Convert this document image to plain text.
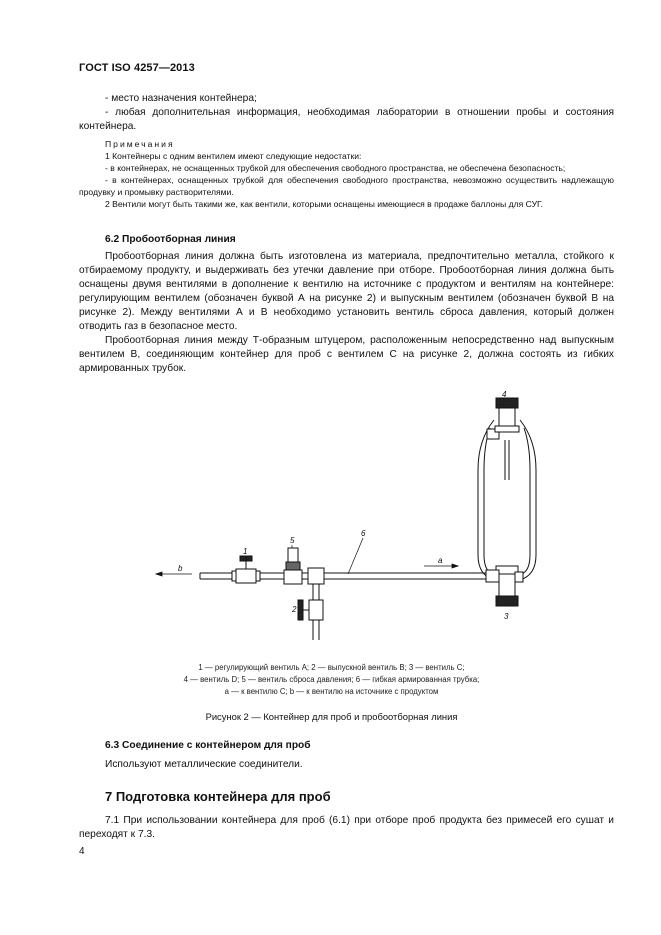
ГОСТ ISO 4257—2013

- место назначения контейнера;

- любая дополнительная информация, необходимая лаборатории в отношении пробы и состояния контейнера.

Примечания

1 Контейнеры с одним вентилем имеют следующие недостатки:

- в контейнерах, не оснащенных трубкой для обеспечения свободного пространства, не обеспечена безопасность;

- в контейнерах, оснащенных трубкой для обеспечения свободного пространства, невозможно осуществить надлежащую продувку и промывку растворителями.

2 Вентили могут быть такими же, как вентили, которыми оснащены имеющиеся в продаже баллоны для СУГ.

6.2 Пробоотборная линия

Пробоотборная линия должна быть изготовлена из материала, предпочтительно металла, стойкого к отбираемому продукту, и выдерживать без утечки давление при отборе. Пробоотборная линия должна быть оснащены двумя вентилями в дополнение к вентилю на источнике с продуктом и вентилям на контейнере: регулирующим вентилем (обозначен буквой А на рисунке 2) и выпускным вентилем (обозначен буквой В на рисунке 2). Между вентилями А и В необходимо установить вентиль сброса давления, который должен отводить газ в безопасное место.

Пробоотборная линия между Т-образным штуцером, расположенным непосредственно над выпускным вентилем В, соединяющим контейнер для проб с вентилем С на рисунке 2, должна состоять из гибких армированных трубок.

1
5
6
2
4
3
a
b

1 — регулирующий вентиль A; 2 — выпускной вентиль B; 3 — вентиль C;

4 — вентиль D; 5 — вентиль сброса давления; 6 — гибкая армированная трубка;

a — к вентилю C; b — к вентилю на источнике с продуктом

Рисунок 2 — Контейнер для проб и пробоотборная линия
6.3 Соединение с контейнером для проб

Используют металлические соединители.

7 Подготовка контейнера для проб

7.1 При использовании контейнера для проб (6.1) при отборе проб продукта без примесей его сушат и переходят к 7.3.

4
